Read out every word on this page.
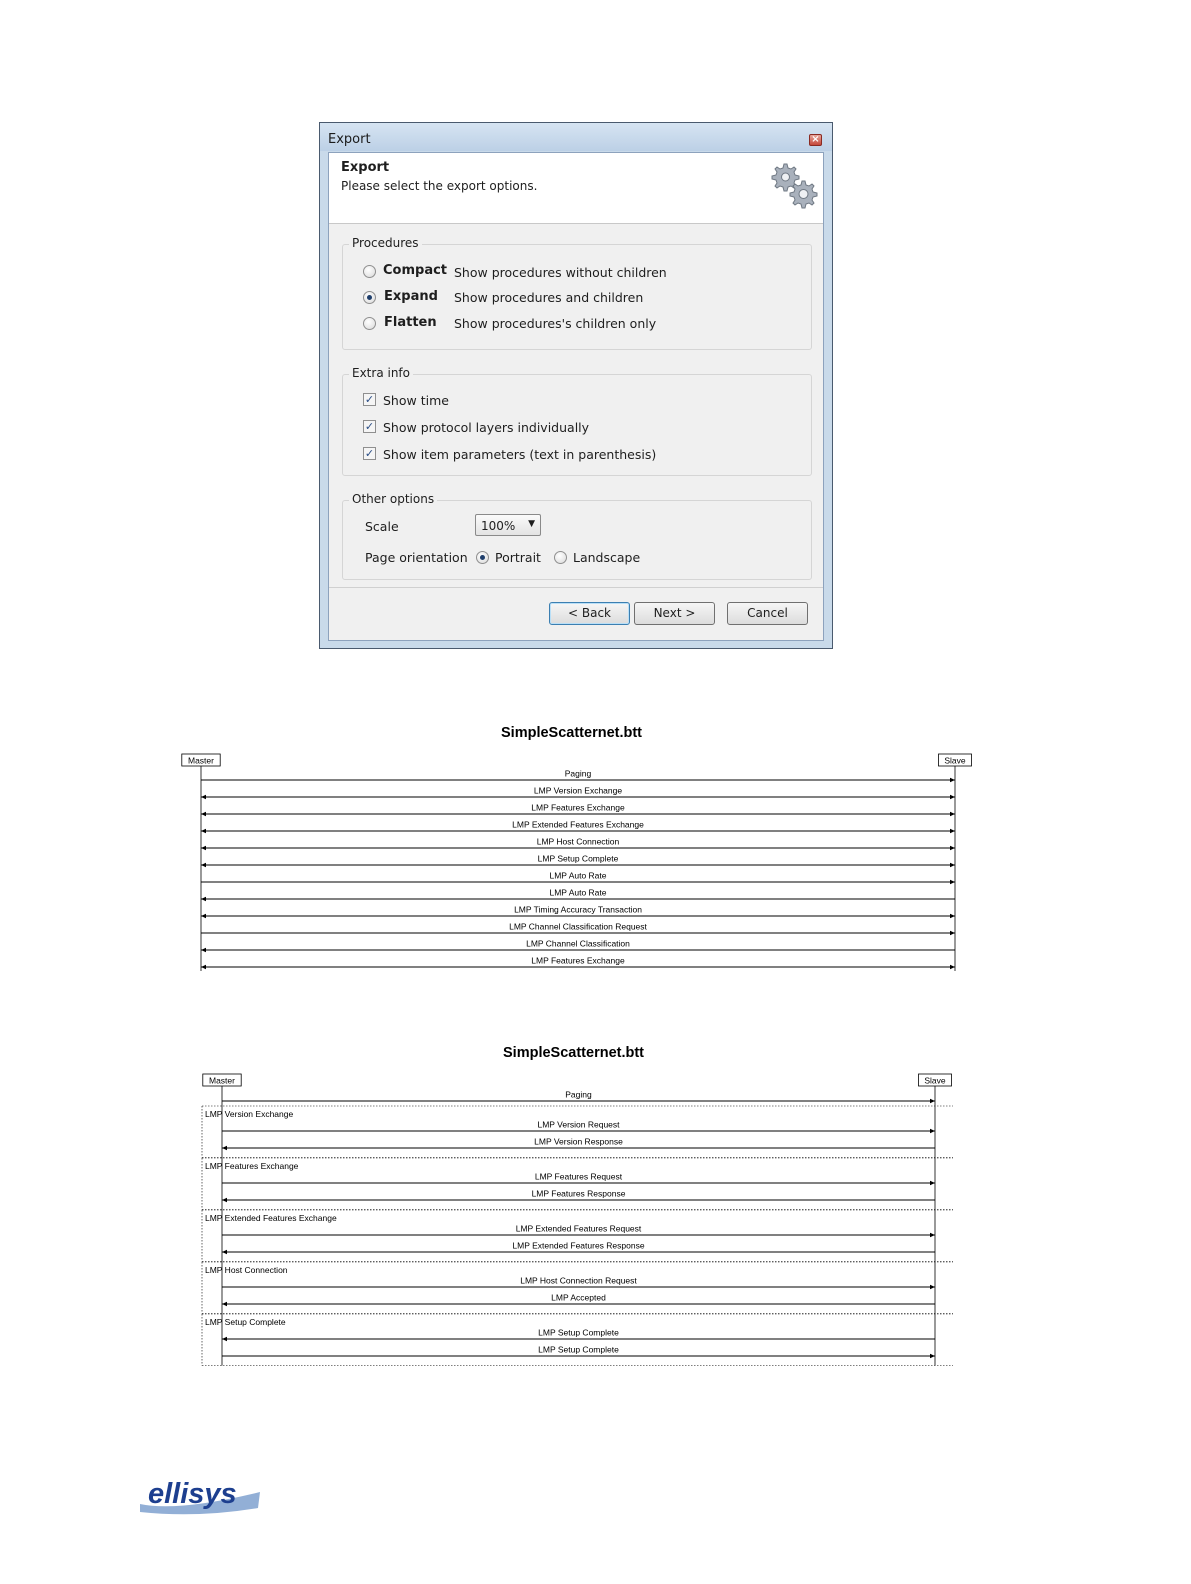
Export	×
Export
Please select the export options.
Procedures
Compact Show procedures without children
Expand Show procedures and children
Flatten Show procedures's children only
Extra info
✓ Show time
✓ Show protocol layers individually
✓ Show item parameters (text in parenthesis)
Other options
Scale	100% ▼
Page orientation Portrait	Landscape
< Back	Next >	Cancel
SimpleScatternet.btt
Master	Slave
Paging
LMP Version Exchange
LMP Features Exchange
LMP Extended Features Exchange
LMP Host Connection
LMP Setup Complete
LMP Auto Rate
LMP Auto Rate
LMP Timing Accuracy Transaction
LMP Channel Classification Request
LMP Channel Classification
LMP Features Exchange
SimpleScatternet.btt
Master	Slave
Paging
LMP Version Exchange
LMP Version Request
LMP Version Response
LMP Features Exchange
LMP Features Request
LMP Features Response
LMP Extended Features Exchange
LMP Extended Features Request
LMP Extended Features Response
LMP Host Connection
LMP Host Connection Request
LMP Accepted
LMP Setup Complete
LMP Setup Complete
LMP Setup Complete
ellisys
